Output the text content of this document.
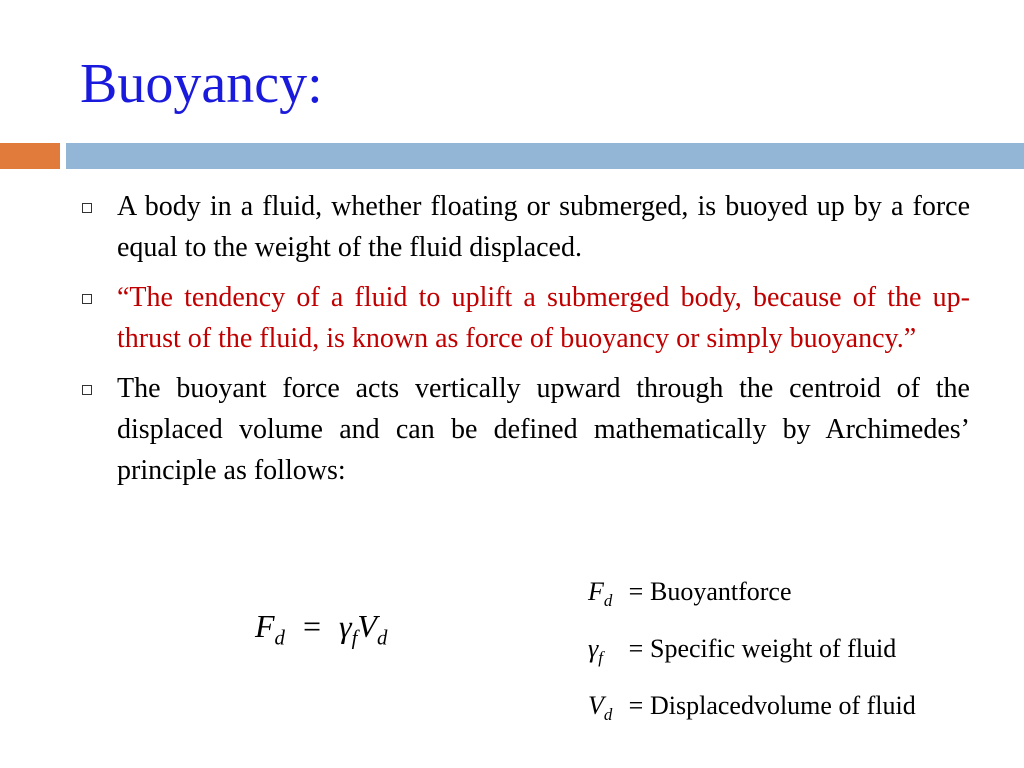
Buoyancy:
A body in a fluid, whether floating or submerged, is buoyed up by a force equal to the weight of the fluid displaced.
“The tendency of a fluid to uplift a submerged body, because of the up-thrust of the fluid, is known as force of buoyancy or simply buoyancy.”
The buoyant force acts vertically upward through the centroid of the displaced volume and can be defined mathematically by Archimedes’ principle as follows:
$F_d = \gamma_fV_d$
$F_d$ = Buoyantforce
$\gamma_f$ = Specific weight of fluid
$V_d$ = Displacedvolume of fluid
